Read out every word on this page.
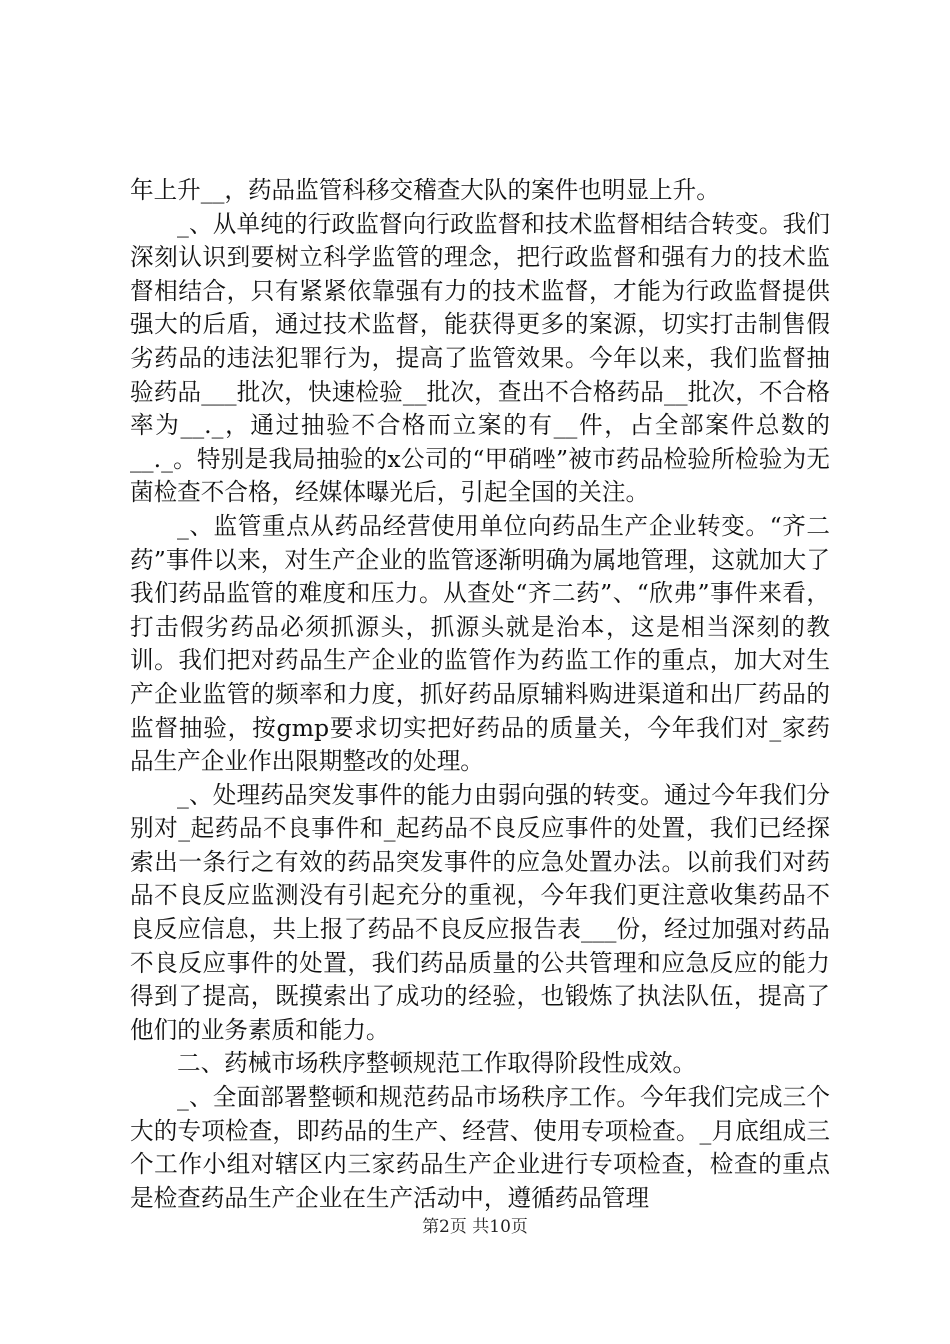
年上升__，药品监管科移交稽查大队的案件也明显上升。

_、从单纯的行政监督向行政监督和技术监督相结合转变。我们深刻认识到要树立科学监管的理念，把行政监督和强有力的技术监督相结合，只有紧紧依靠强有力的技术监督，才能为行政监督提供强大的后盾，通过技术监督，能获得更多的案源，切实打击制售假劣药品的违法犯罪行为，提高了监管效果。今年以来，我们监督抽验药品___批次，快速检验__批次，查出不合格药品__批次，不合格率为__._，通过抽验不合格而立案的有__件，占全部案件总数的__._。特别是我局抽验的x公司的“甲硝唑”被市药品检验所检验为无菌检查不合格，经媒体曝光后，引起全国的关注。

_、监管重点从药品经营使用单位向药品生产企业转变。“齐二药”事件以来，对生产企业的监管逐渐明确为属地管理，这就加大了我们药品监管的难度和压力。从查处“齐二药”、“欣弗”事件来看，打击假劣药品必须抓源头，抓源头就是治本，这是相当深刻的教训。我们把对药品生产企业的监管作为药监工作的重点，加大对生产企业监管的频率和力度，抓好药品原辅料购进渠道和出厂药品的监督抽验，按gmp要求切实把好药品的质量关，今年我们对_家药品生产企业作出限期整改的处理。

_、处理药品突发事件的能力由弱向强的转变。通过今年我们分别对_起药品不良事件和_起药品不良反应事件的处置，我们已经探索出一条行之有效的药品突发事件的应急处置办法。以前我们对药品不良反应监测没有引起充分的重视，今年我们更注意收集药品不良反应信息，共上报了药品不良反应报告表___份，经过加强对药品不良反应事件的处置，我们药品质量的公共管理和应急反应的能力得到了提高，既摸索出了成功的经验，也锻炼了执法队伍，提高了他们的业务素质和能力。

二、药械市场秩序整顿规范工作取得阶段性成效。

_、全面部署整顿和规范药品市场秩序工作。今年我们完成三个大的专项检查，即药品的生产、经营、使用专项检查。_月底组成三个工作小组对辖区内三家药品生产企业进行专项检查，检查的重点是检查药品生产企业在生产活动中，遵循药品管理

第2页 共10页
